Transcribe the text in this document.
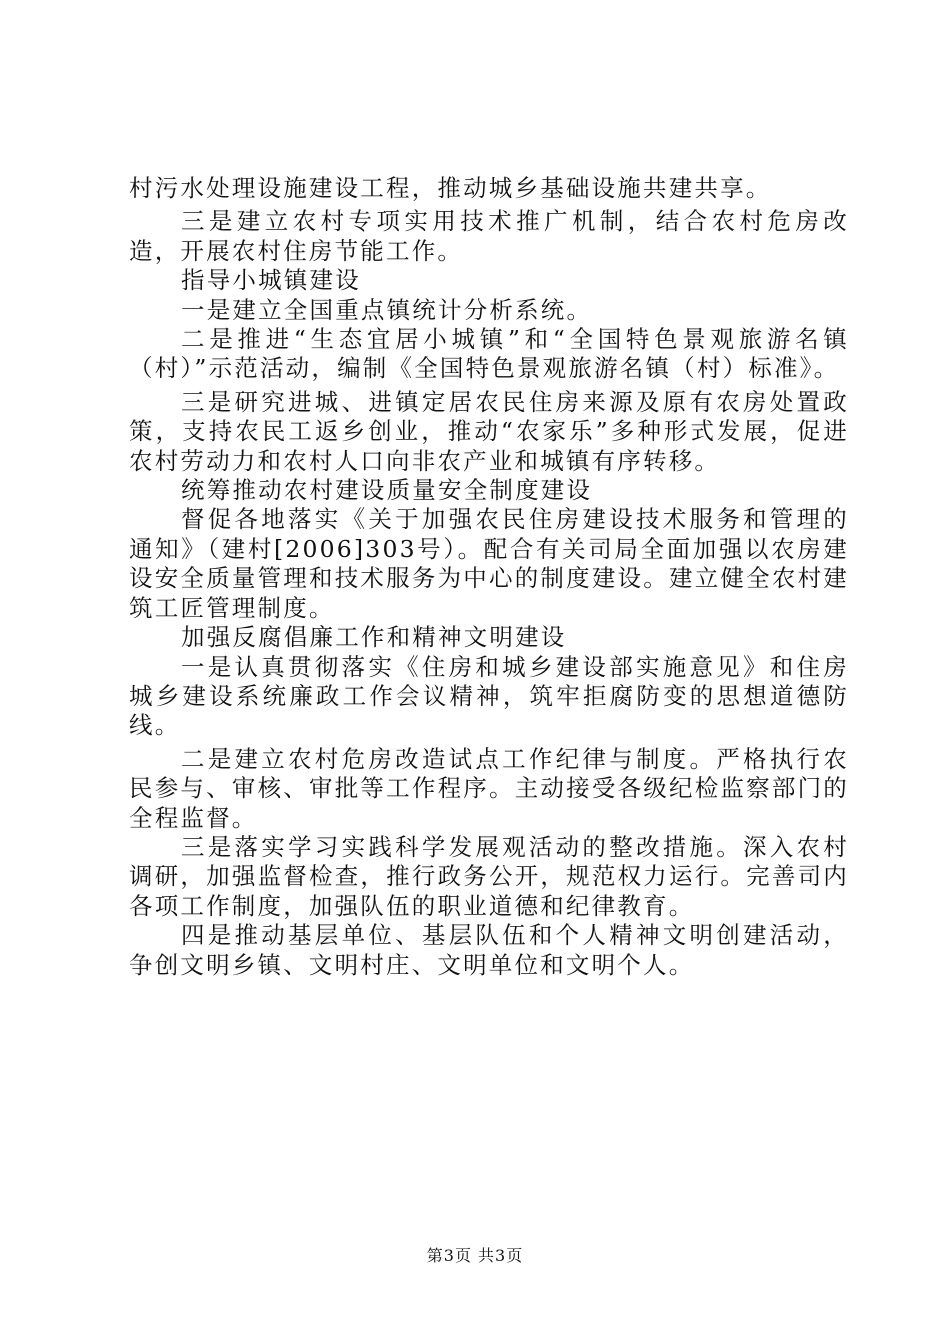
村污水处理设施建设工程，推动城乡基础设施共建共享。

三是建立农村专项实用技术推广机制，结合农村危房改造，开展农村住房节能工作。

指导小城镇建设

一是建立全国重点镇统计分析系统。

二是推进“生态宜居小城镇”和“全国特色景观旅游名镇（村）”示范活动，编制《全国特色景观旅游名镇（村）标准》。

三是研究进城、进镇定居农民住房来源及原有农房处置政策，支持农民工返乡创业，推动“农家乐”多种形式发展，促进农村劳动力和农村人口向非农产业和城镇有序转移。

统筹推动农村建设质量安全制度建设

督促各地落实《关于加强农民住房建设技术服务和管理的通知》（建村[2006]303号）。配合有关司局全面加强以农房建设安全质量管理和技术服务为中心的制度建设。建立健全农村建筑工匠管理制度。

加强反腐倡廉工作和精神文明建设

一是认真贯彻落实《住房和城乡建设部实施意见》和住房城乡建设系统廉政工作会议精神，筑牢拒腐防变的思想道德防线。

二是建立农村危房改造试点工作纪律与制度。严格执行农民参与、审核、审批等工作程序。主动接受各级纪检监察部门的全程监督。

三是落实学习实践科学发展观活动的整改措施。深入农村调研，加强监督检查，推行政务公开，规范权力运行。完善司内各项工作制度，加强队伍的职业道德和纪律教育。

四是推动基层单位、基层队伍和个人精神文明创建活动，争创文明乡镇、文明村庄、文明单位和文明个人。

第3页 共3页
